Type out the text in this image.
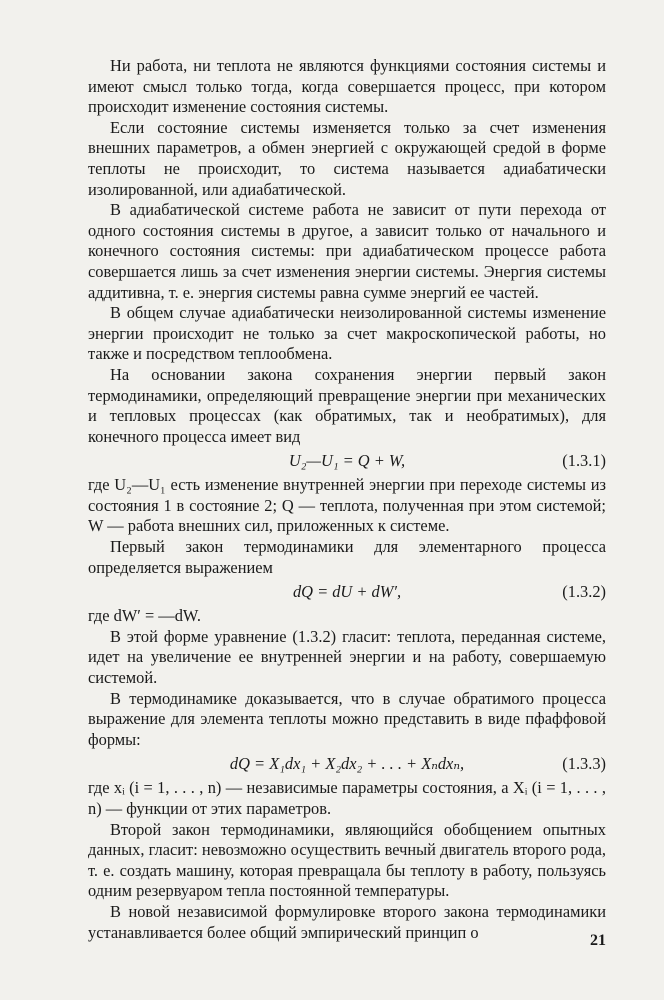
Ни работа, ни теплота не являются функциями состояния системы и имеют смысл только тогда, когда совершается процесс, при котором происходит изменение состояния системы.

Если состояние системы изменяется только за счет изменения внешних параметров, а обмен энергией с окружающей средой в форме теплоты не происходит, то система называется адиабатически изолированной, или адиабатической.

В адиабатической системе работа не зависит от пути перехода от одного состояния системы в другое, а зависит только от начального и конечного состояния системы: при адиабатическом процессе работа совершается лишь за счет изменения энергии системы. Энергия системы аддитивна, т. е. энергия системы равна сумме энергий ее частей.

В общем случае адиабатически неизолированной системы изменение энергии происходит не только за счет макроскопической работы, но также и посредством теплообмена.

На основании закона сохранения энергии первый закон термодинамики, определяющий превращение энергии при механических и тепловых процессах (как обратимых, так и необратимых), для конечного процесса имеет вид

U₂—U₁ = Q + W,	(1.3.1)

где U₂—U₁ есть изменение внутренней энергии при переходе системы из состояния 1 в состояние 2; Q — теплота, полученная при этом системой; W — работа внешних сил, приложенных к системе.

Первый закон термодинамики для элементарного процесса определяется выражением

dQ = dU + dW′,	(1.3.2)

где dW′ = —dW.

В этой форме уравнение (1.3.2) гласит: теплота, переданная системе, идет на увеличение ее внутренней энергии и на работу, совершаемую системой.

В термодинамике доказывается, что в случае обратимого процесса выражение для элемента теплоты можно представить в виде пфаффовой формы:

dQ = X₁dx₁ + X₂dx₂ + . . . + Xₙdxₙ,	(1.3.3)

где xᵢ (i = 1, . . . , n) — независимые параметры состояния, а Xᵢ (i = 1, . . . , n) — функции от этих параметров.

Второй закон термодинамики, являющийся обобщением опытных данных, гласит: невозможно осуществить вечный двигатель второго рода, т. е. создать машину, которая превращала бы теплоту в работу, пользуясь одним резервуаром тепла постоянной температуры.

В новой независимой формулировке второго закона термодинамики устанавливается более общий эмпирический принцип о	21
